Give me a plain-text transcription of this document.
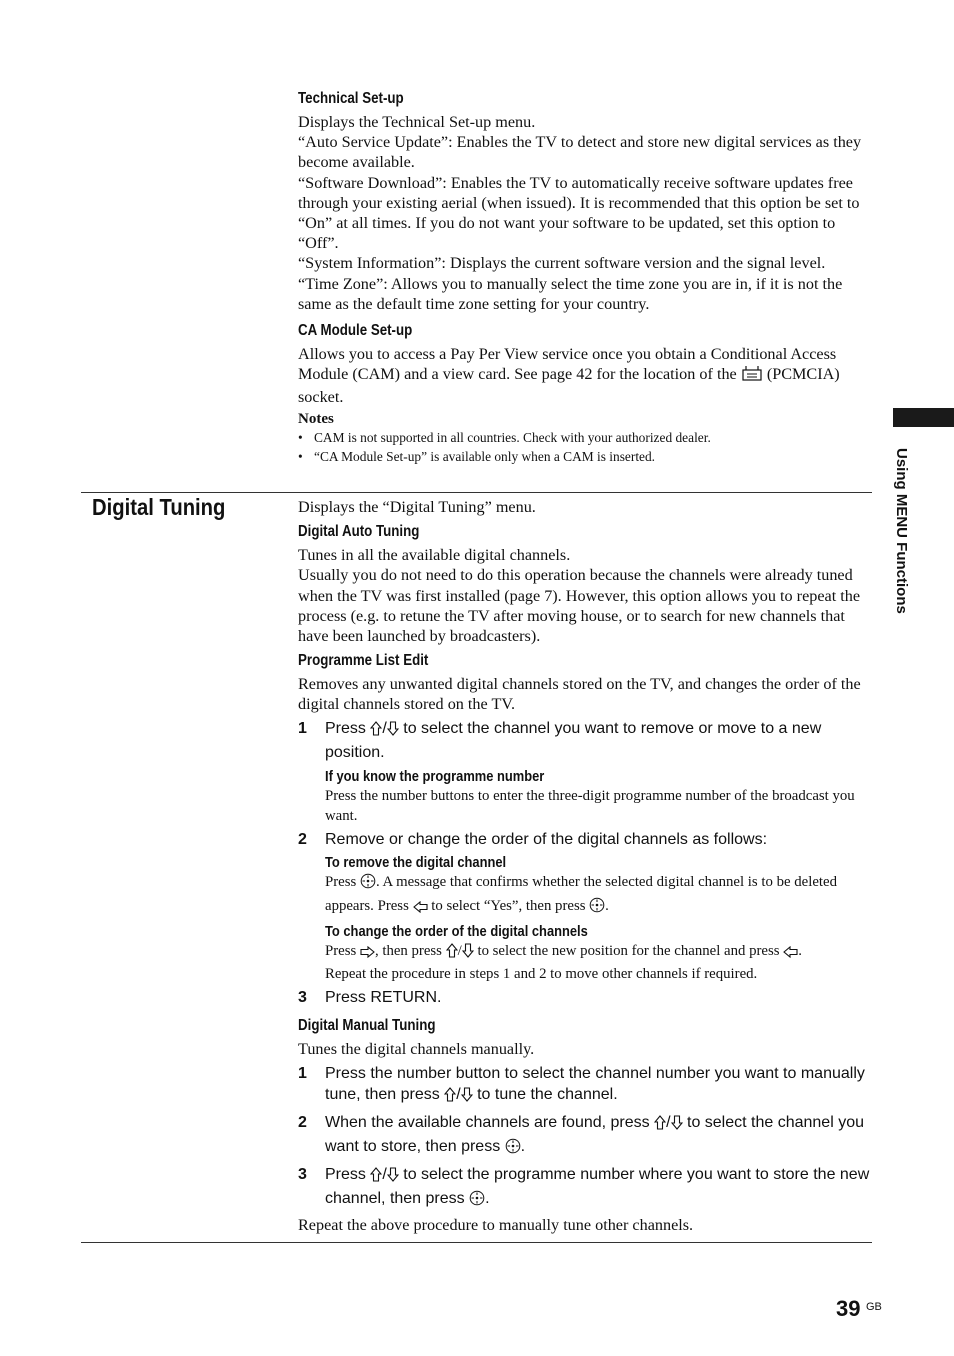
Technical Set-up
Displays the Technical Set-up menu.
“Auto Service Update”: Enables the TV to detect and store new digital services as they become available.
“Software Download”: Enables the TV to automatically receive software updates free through your existing aerial (when issued). It is recommended that this option be set to “On” at all times. If you do not want your software to be updated, set this option to “Off”.
“System Information”: Displays the current software version and the signal level.
“Time Zone”: Allows you to manually select the time zone you are in, if it is not the same as the default time zone setting for your country.
CA Module Set-up
Allows you to access a Pay Per View service once you obtain a Conditional Access Module (CAM) and a view card. See page 42 for the location of the  (PCMCIA) socket.
Notes
• CAM is not supported in all countries. Check with your authorized dealer.
• “CA Module Set-up” is available only when a CAM is inserted.	Using MENU Functions
Digital Tuning	Displays the “Digital Tuning” menu.
Digital Auto Tuning
Tunes in all the available digital channels.
Usually you do not need to do this operation because the channels were already tuned when the TV was first installed (page 7). However, this option allows you to repeat the process (e.g. to retune the TV after moving house, or to search for new channels that have been launched by broadcasters).
Programme List Edit
Removes any unwanted digital channels stored on the TV, and changes the order of the digital channels stored on the TV.
1 Press / to select the channel you want to remove or move to a new position.
If you know the programme number
Press the number buttons to enter the three-digit programme number of the broadcast you want.
2 Remove or change the order of the digital channels as follows:
To remove the digital channel
Press . A message that confirms whether the selected digital channel is to be deleted appears. Press  to select “Yes”, then press .
To change the order of the digital channels
Press , then press / to select the new position for the channel and press .
Repeat the procedure in steps 1 and 2 to move other channels if required.
3 Press RETURN.
Digital Manual Tuning
Tunes the digital channels manually.
1 Press the number button to select the channel number you want to manually tune, then press / to tune the channel.
2 When the available channels are found, press / to select the channel you want to store, then press .
3 Press / to select the programme number where you want to store the new channel, then press .
Repeat the above procedure to manually tune other channels.
39 GB
